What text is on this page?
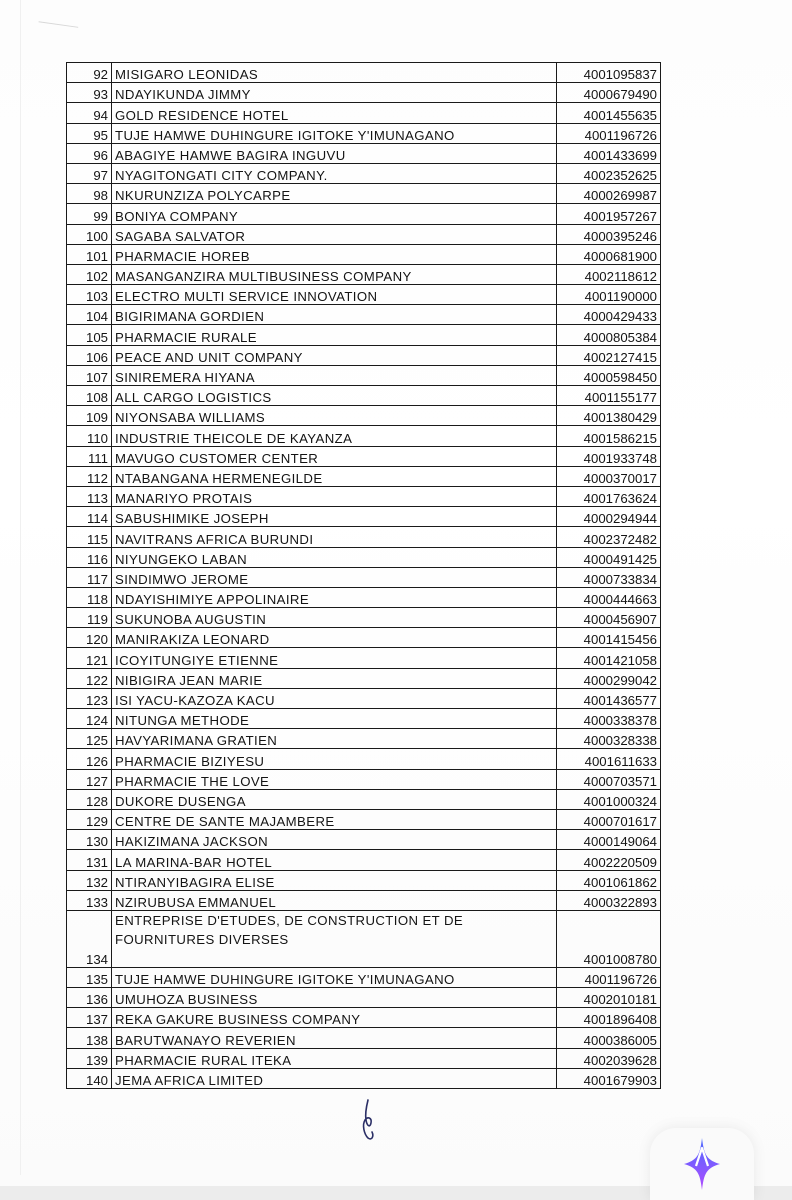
92	MISIGARO LEONIDAS	4001095837
93	NDAYIKUNDA JIMMY	4000679490
94	GOLD RESIDENCE HOTEL	4001455635
95	TUJE HAMWE DUHINGURE IGITOKE Y'IMUNAGANO	4001196726
96	ABAGIYE HAMWE BAGIRA INGUVU	4001433699
97	NYAGITONGATI CITY COMPANY.	4002352625
98	NKURUNZIZA POLYCARPE	4000269987
99	BONIYA COMPANY	4001957267
100	SAGABA SALVATOR	4000395246
101	PHARMACIE HOREB	4000681900
102	MASANGANZIRA MULTIBUSINESS COMPANY	4002118612
103	ELECTRO MULTI SERVICE INNOVATION	4001190000
104	BIGIRIMANA GORDIEN	4000429433
105	PHARMACIE RURALE	4000805384
106	PEACE AND UNIT COMPANY	4002127415
107	SINIREMERA HIYANA	4000598450
108	ALL CARGO LOGISTICS	4001155177
109	NIYONSABA WILLIAMS	4001380429
110	INDUSTRIE THEICOLE DE KAYANZA	4001586215
111	MAVUGO CUSTOMER CENTER	4001933748
112	NTABANGANA HERMENEGILDE	4000370017
113	MANARIYO PROTAIS	4001763624
114	SABUSHIMIKE JOSEPH	4000294944
115	NAVITRANS AFRICA BURUNDI	4002372482
116	NIYUNGEKO LABAN	4000491425
117	SINDIMWO JEROME	4000733834
118	NDAYISHIMIYE APPOLINAIRE	4000444663
119	SUKUNOBA AUGUSTIN	4000456907
120	MANIRAKIZA LEONARD	4001415456
121	ICOYITUNGIYE ETIENNE	4001421058
122	NIBIGIRA JEAN MARIE	4000299042
123	ISI YACU-KAZOZA KACU	4001436577
124	NITUNGA METHODE	4000338378
125	HAVYARIMANA GRATIEN	4000328338
126	PHARMACIE BIZIYESU	4001611633
127	PHARMACIE THE LOVE	4000703571
128	DUKORE DUSENGA	4001000324
129	CENTRE DE SANTE MAJAMBERE	4000701617
130	HAKIZIMANA JACKSON	4000149064
131	LA MARINA-BAR HOTEL	4002220509
132	NTIRANYIBAGIRA ELISE	4001061862
133	NZIRUBUSA EMMANUEL	4000322893
134	ENTREPRISE D'ETUDES, DE CONSTRUCTION ET DE FOURNITURES DIVERSES	4001008780
135	TUJE HAMWE DUHINGURE IGITOKE Y'IMUNAGANO	4001196726
136	UMUHOZA BUSINESS	4002010181
137	REKA GAKURE BUSINESS COMPANY	4001896408
138	BARUTWANAYO REVERIEN	4000386005
139	PHARMACIE RURAL ITEKA	4002039628
140	JEMA AFRICA LIMITED	4001679903
